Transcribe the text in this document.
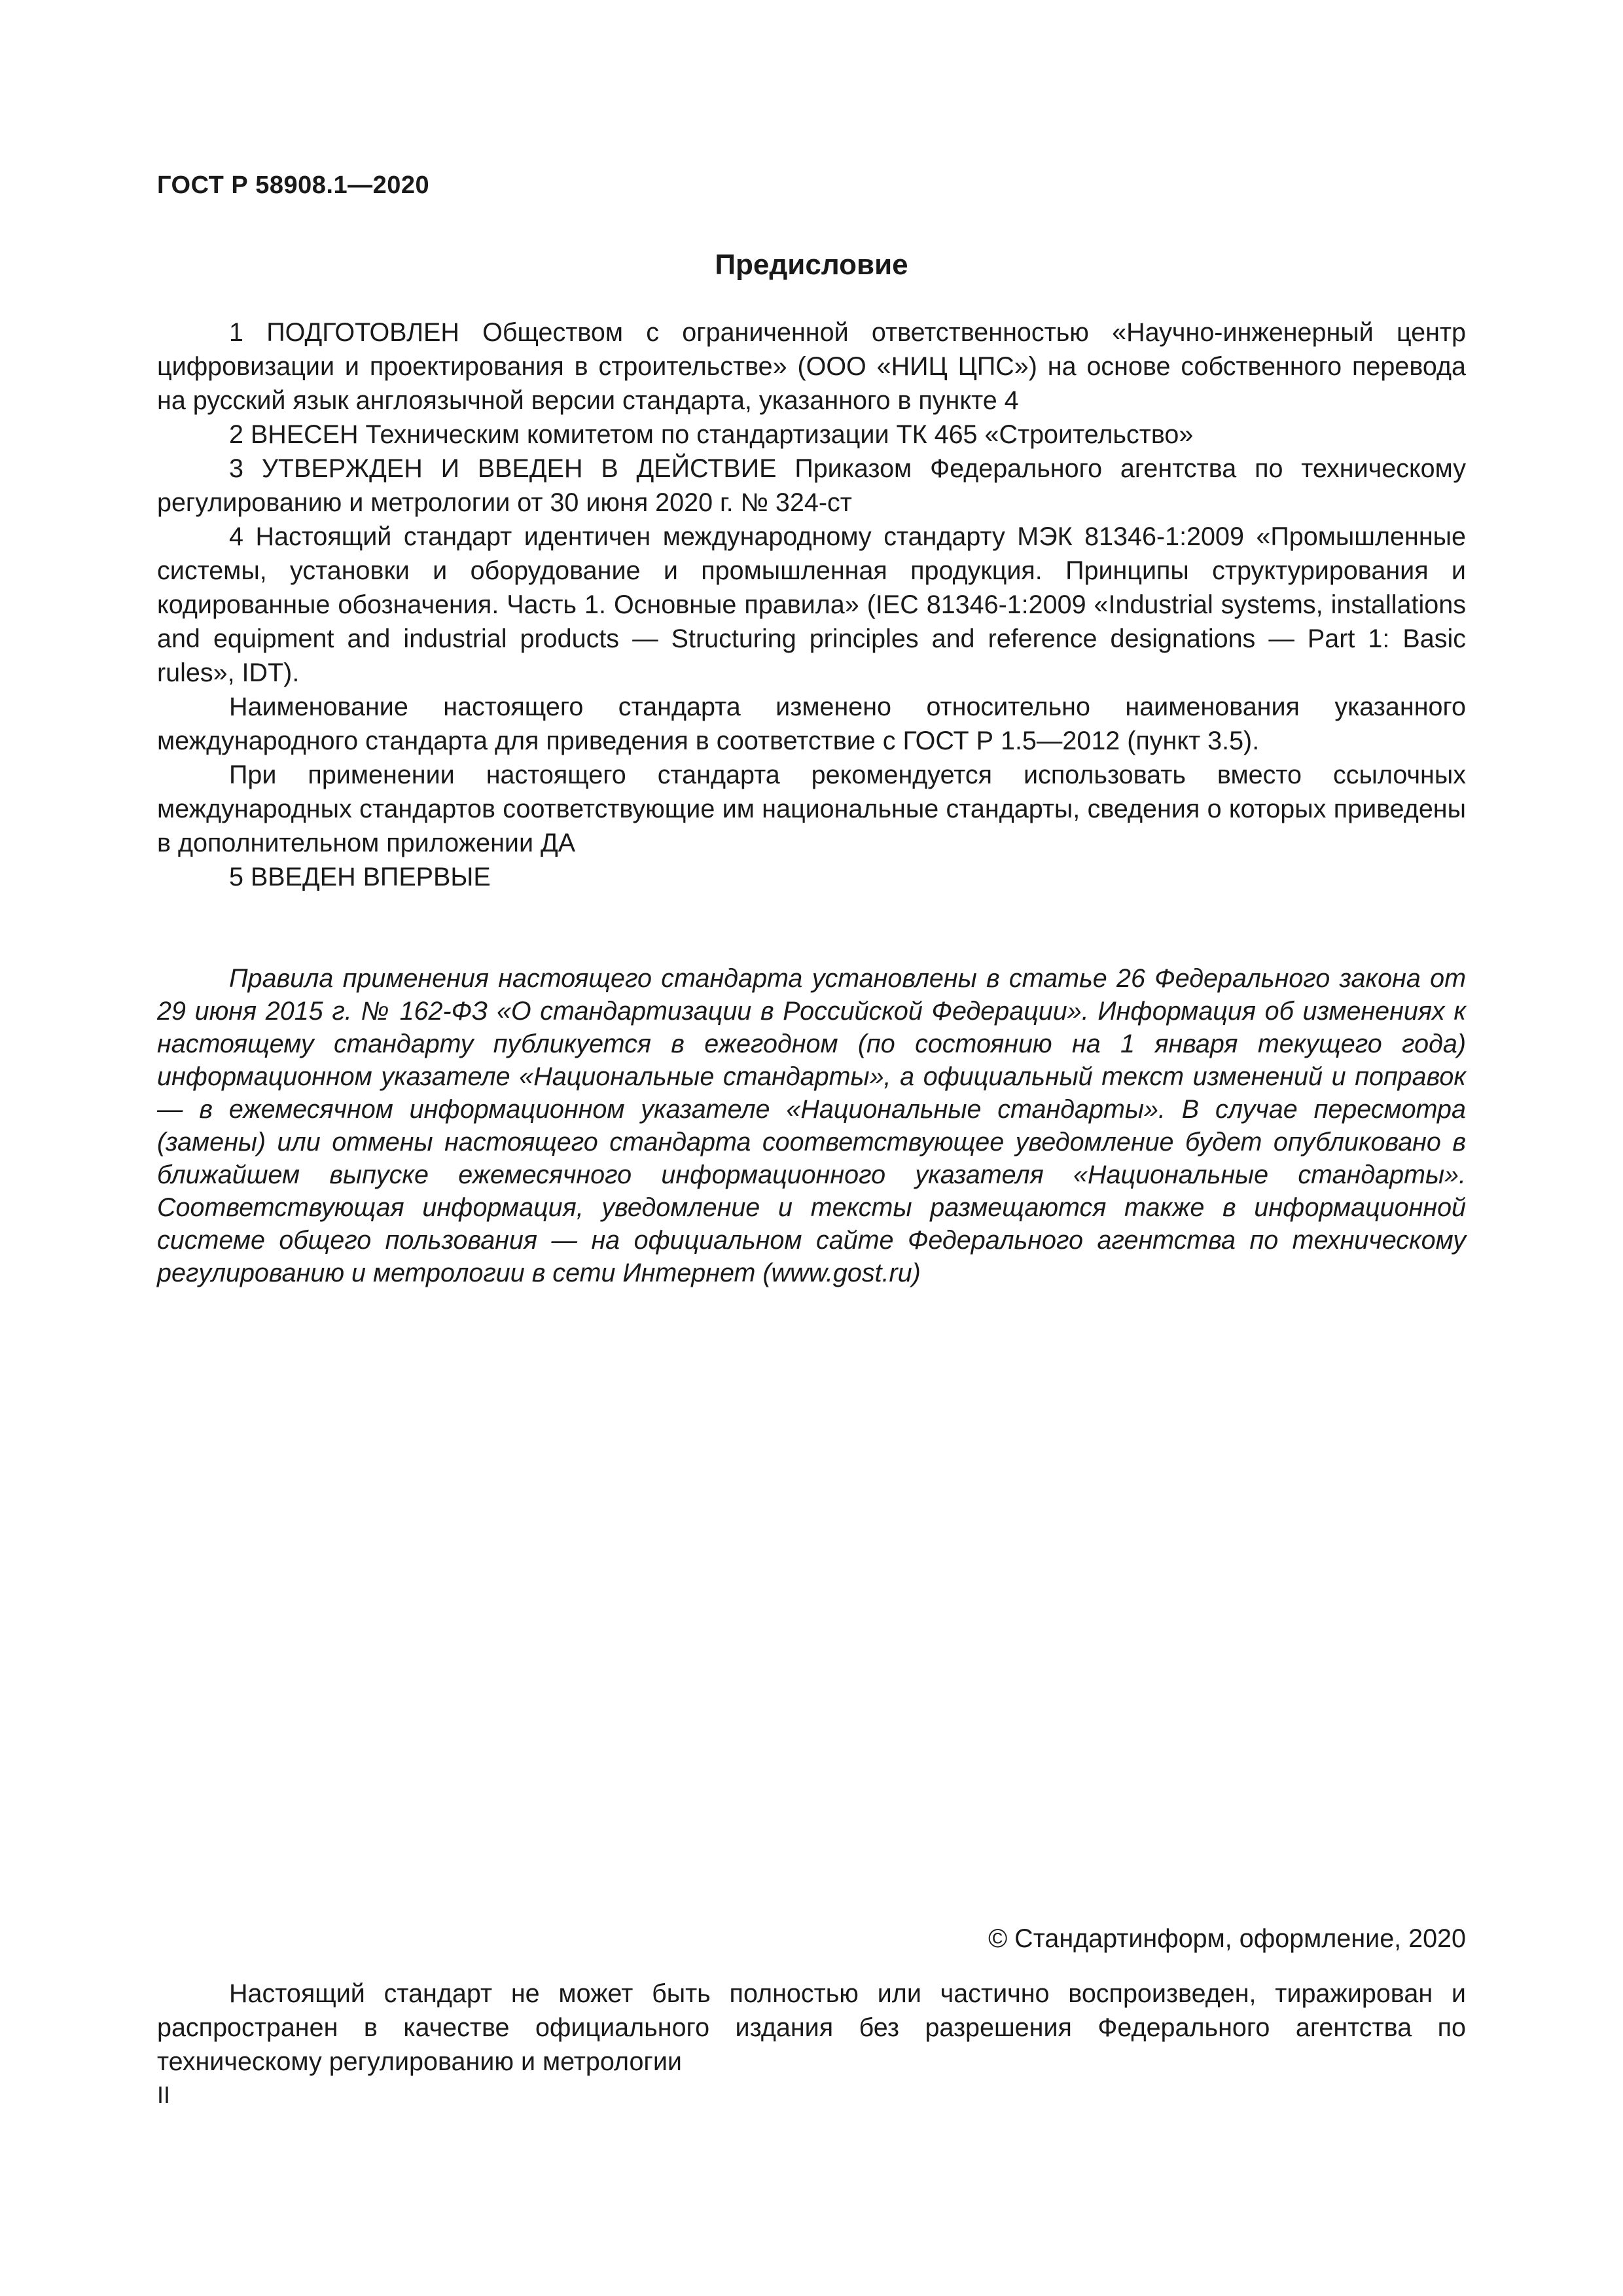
ГОСТ Р 58908.1—2020
Предисловие

1 ПОДГОТОВЛЕН Обществом с ограниченной ответственностью «Научно-инженерный центр цифровизации и проектирования в строительстве» (ООО «НИЦ ЦПС») на основе собственного перевода на русский язык англоязычной версии стандарта, указанного в пункте 4

2 ВНЕСЕН Техническим комитетом по стандартизации ТК 465 «Строительство»

3 УТВЕРЖДЕН И ВВЕДЕН В ДЕЙСТВИЕ Приказом Федерального агентства по техническому регулированию и метрологии от 30 июня 2020 г. № 324-ст

4 Настоящий стандарт идентичен международному стандарту МЭК 81346-1:2009 «Промышленные системы, установки и оборудование и промышленная продукция. Принципы структурирования и кодированные обозначения. Часть 1. Основные правила» (IEC 81346-1:2009 «Industrial systems, installations and equipment and industrial products — Structuring principles and reference designations — Part 1: Basic rules», IDT).

Наименование настоящего стандарта изменено относительно наименования указанного международного стандарта для приведения в соответствие с ГОСТ Р 1.5—2012 (пункт 3.5).

При применении настоящего стандарта рекомендуется использовать вместо ссылочных международных стандартов соответствующие им национальные стандарты, сведения о которых приведены в дополнительном приложении ДА

5 ВВЕДЕН ВПЕРВЫЕ

Правила применения настоящего стандарта установлены в статье 26 Федерального закона от 29 июня 2015 г. № 162-ФЗ «О стандартизации в Российской Федерации». Информация об изменениях к настоящему стандарту публикуется в ежегодном (по состоянию на 1 января текущего года) информационном указателе «Национальные стандарты», а официальный текст изменений и поправок — в ежемесячном информационном указателе «Национальные стандарты». В случае пересмотра (замены) или отмены настоящего стандарта соответствующее уведомление будет опубликовано в ближайшем выпуске ежемесячного информационного указателя «Национальные стандарты». Соответствующая информация, уведомление и тексты размещаются также в информационной системе общего пользования — на официальном сайте Федерального агентства по техническому регулированию и метрологии в сети Интернет (www.gost.ru)

© Стандартинформ, оформление, 2020

Настоящий стандарт не может быть полностью или частично воспроизведен, тиражирован и распространен в качестве официального издания без разрешения Федерального агентства по техническому регулированию и метрологии

II
